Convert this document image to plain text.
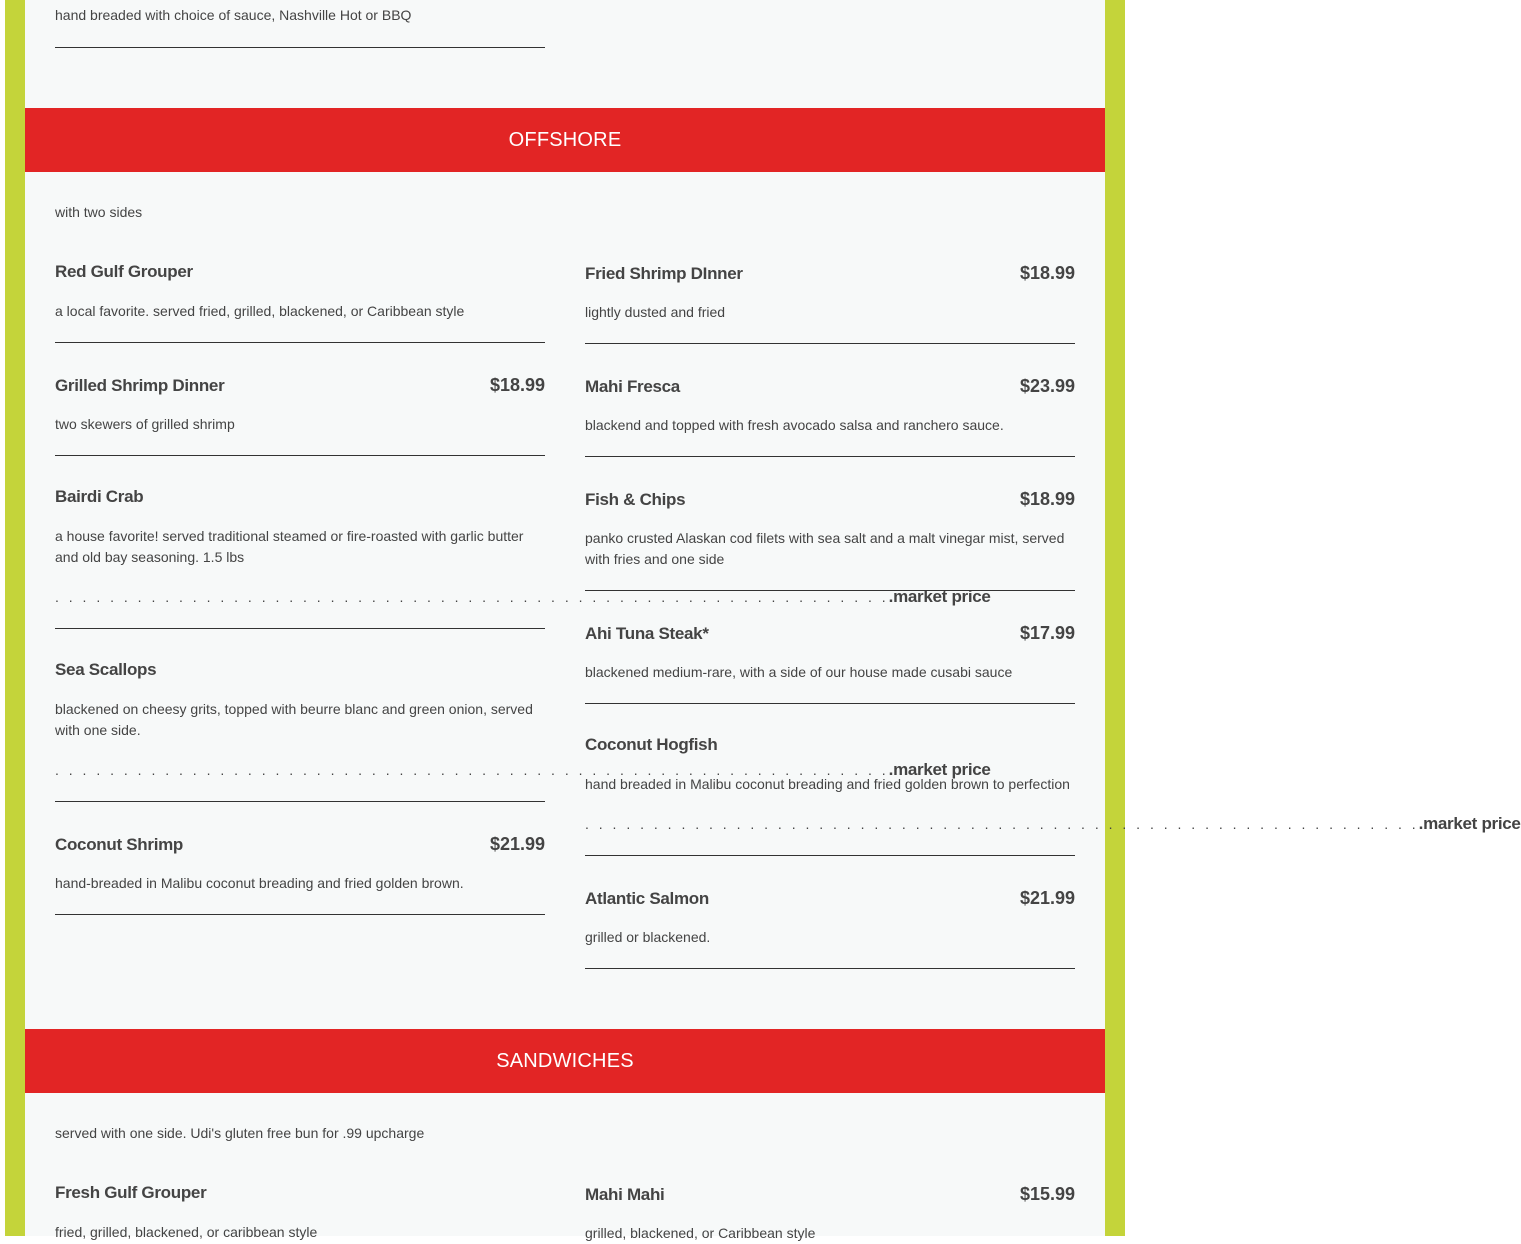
hand breaded with choice of sauce, Nashville Hot or BBQ
OFFSHORE
with two sides
Red Gulf Grouper
a local favorite. served fried, grilled, blackened, or Caribbean style
Grilled Shrimp Dinner	$18.99
two skewers of grilled shrimp
Bairdi Crab
a house favorite! served traditional steamed or fire-roasted with garlic butter and old bay seasoning. 1.5 lbs
. . . . . . . . . . . . . . . . . . . . . . . . . . . . . . . . . . . . . . . . . . . . . . . . . . . . . . . . . . . . . .market price
Sea Scallops
blackened on cheesy grits, topped with beurre blanc and green onion, served with one side.
. . . . . . . . . . . . . . . . . . . . . . . . . . . . . . . . . . . . . . . . . . . . . . . . . . . . . . . . . . . . . .market price
Coconut Shrimp	$21.99
hand-breaded in Malibu coconut breading and fried golden brown.
Fried Shrimp DInner	$18.99
lightly dusted and fried
Mahi Fresca	$23.99
blackend and topped with fresh avocado salsa and ranchero sauce.
Fish & Chips	$18.99
panko crusted Alaskan cod filets with sea salt and a malt vinegar mist, served with fries and one side
Ahi Tuna Steak*	$17.99
blackened medium-rare, with a side of our house made cusabi sauce
Coconut Hogfish
hand breaded in Malibu coconut breading and fried golden brown to perfection
. . . . . . . . . . . . . . . . . . . . . . . . . . . . . . . . . . . . . . . . . . . . . . . . . . . . . . . . . . . . . .market price
Atlantic Salmon	$21.99
grilled or blackened.
SANDWICHES
served with one side. Udi's gluten free bun for .99 upcharge
Fresh Gulf Grouper
fried, grilled, blackened, or caribbean style
Mahi Mahi	$15.99
grilled, blackened, or Caribbean style
